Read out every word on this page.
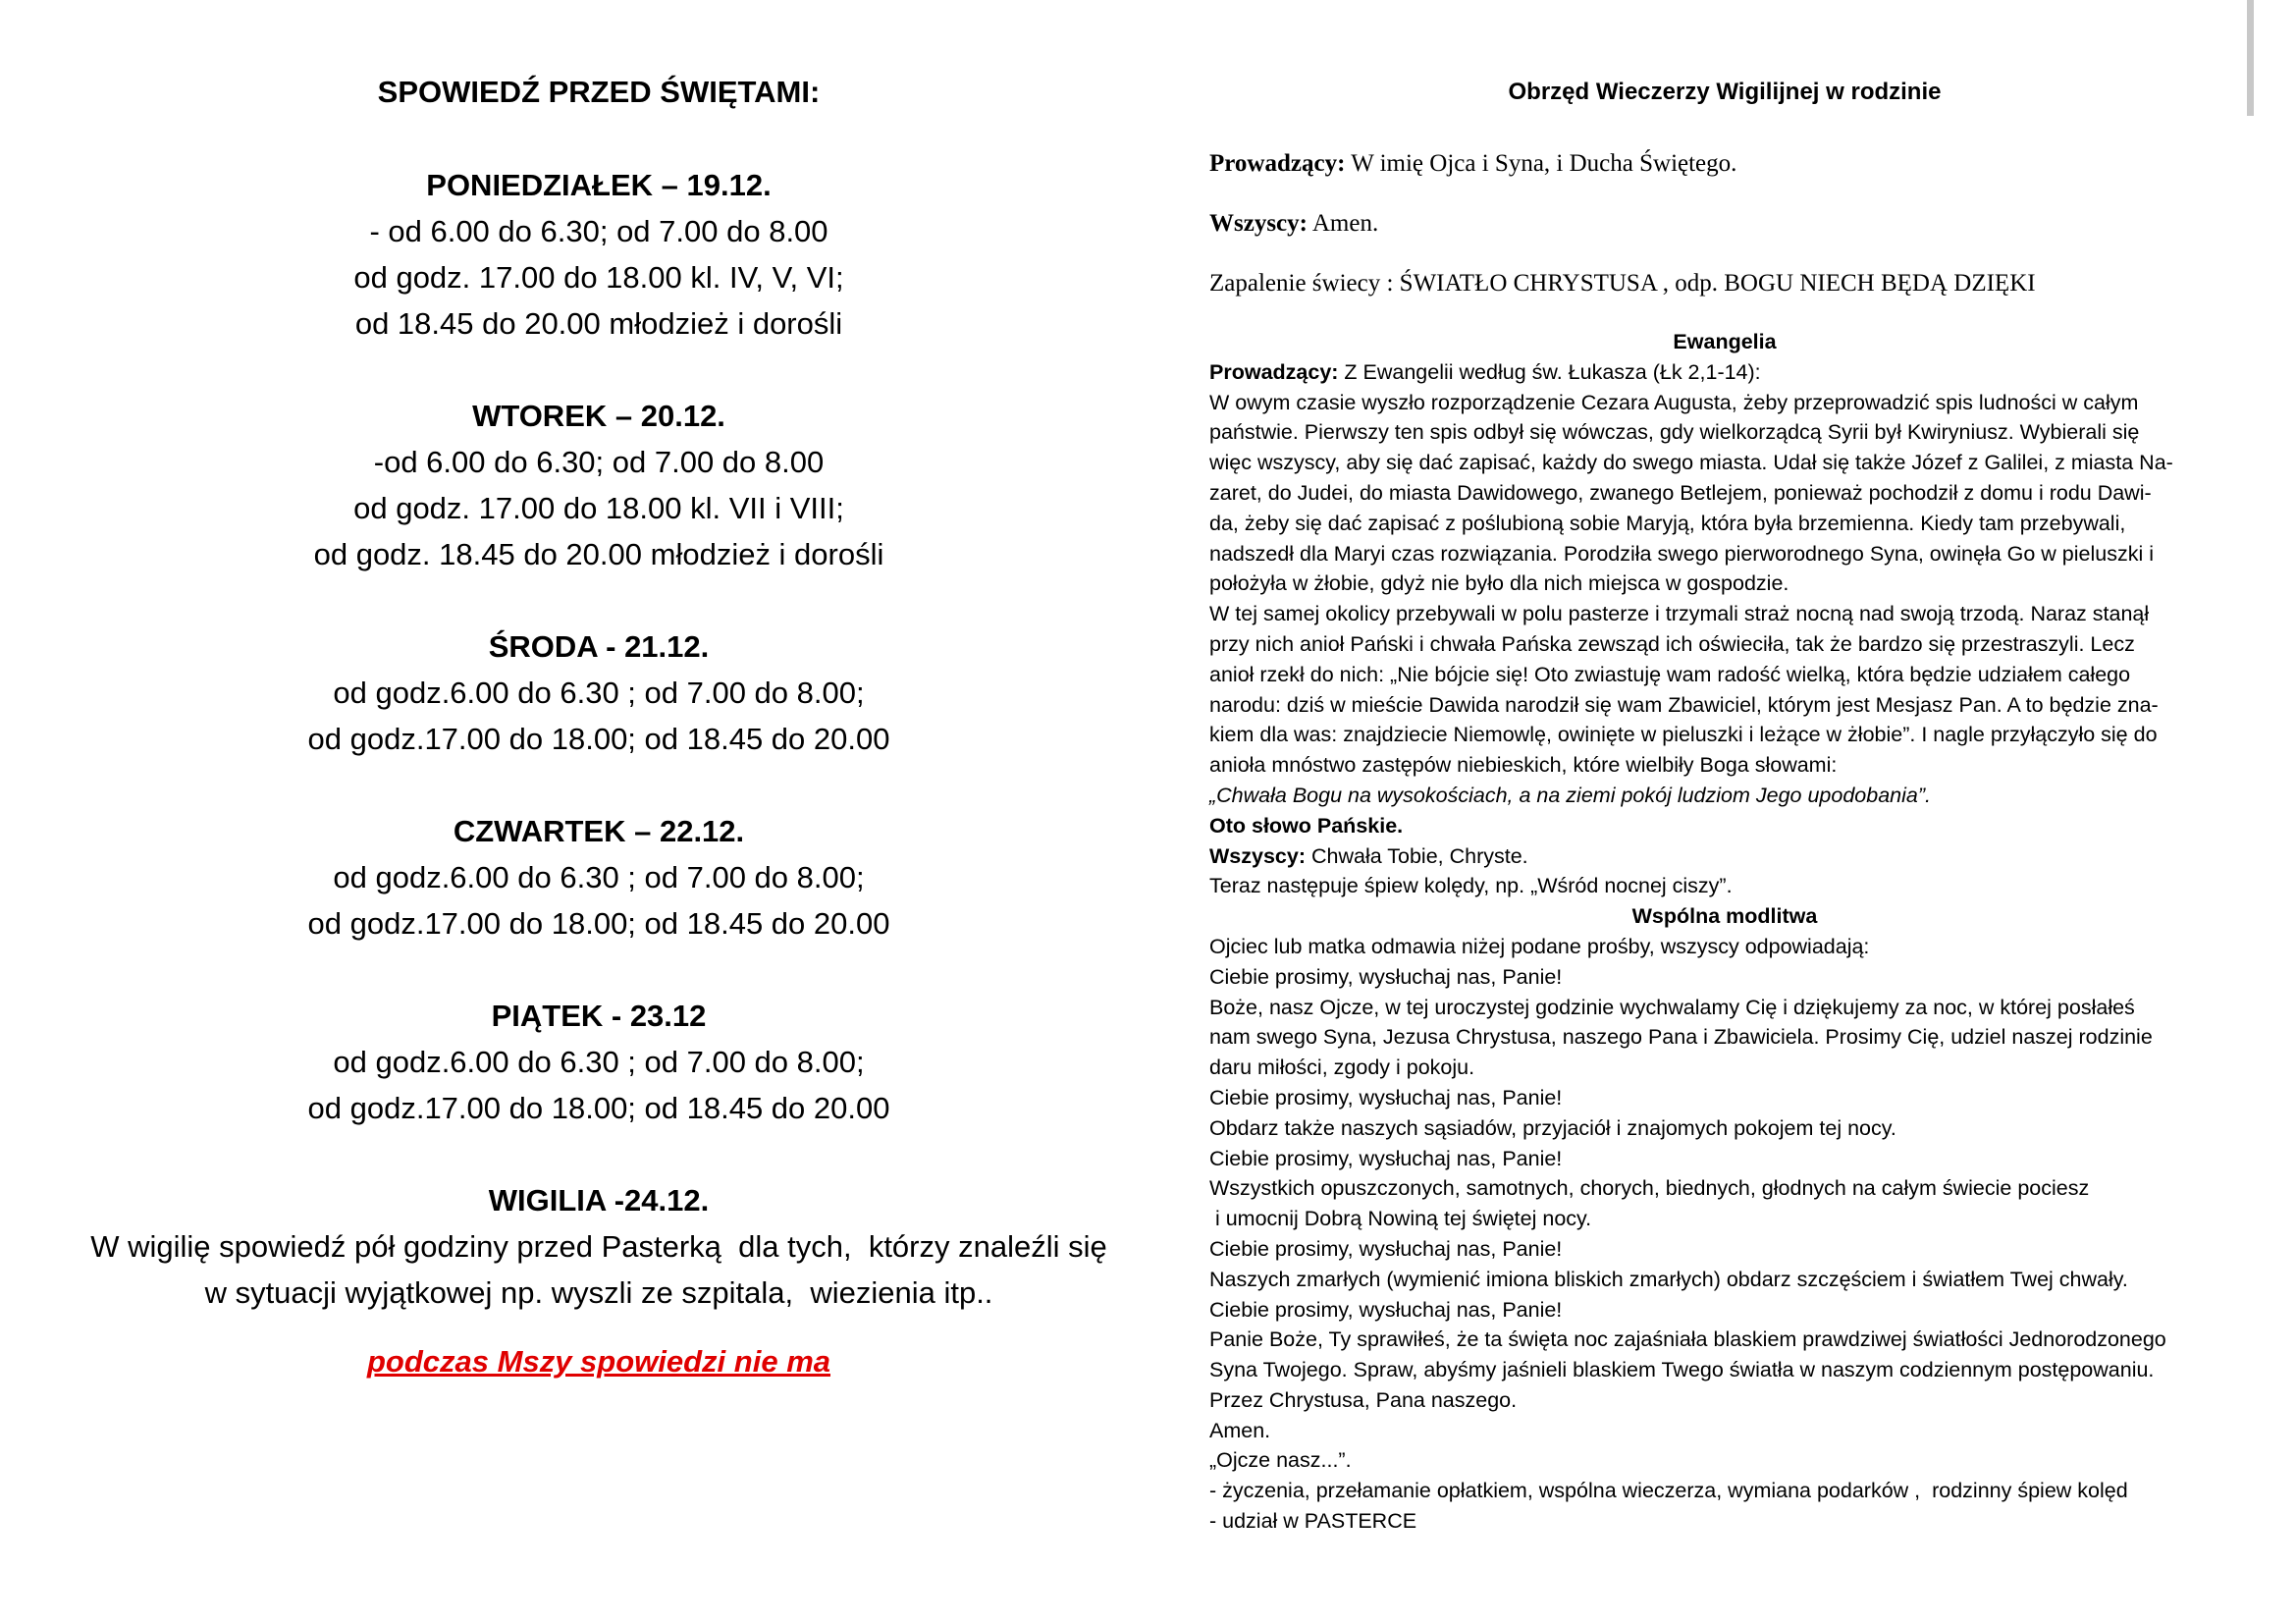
SPOWIEDŹ PRZED ŚWIĘTAMI:
PONIEDZIAŁEK – 19.12.
- od 6.00 do 6.30; od 7.00 do 8.00
od godz. 17.00 do 18.00 kl. IV, V, VI;
od 18.45 do 20.00 młodzież i dorośli
WTOREK – 20.12.
-od 6.00 do 6.30; od 7.00 do 8.00
od godz. 17.00 do 18.00 kl. VII i VIII;
od godz. 18.45 do 20.00 młodzież i dorośli
ŚRODA - 21.12.
od godz.6.00 do 6.30 ; od 7.00 do 8.00;
od godz.17.00 do 18.00; od 18.45 do 20.00
CZWARTEK – 22.12.
od godz.6.00 do 6.30 ; od 7.00 do 8.00;
od godz.17.00 do 18.00; od 18.45 do 20.00
PIĄTEK - 23.12
od godz.6.00 do 6.30 ; od 7.00 do 8.00;
od godz.17.00 do 18.00; od 18.45 do 20.00
WIGILIA -24.12.
W wigilię spowiedź pół godziny przed Pasterką  dla tych,  którzy znaleźli się
w sytuacji wyjątkowej np. wyszli ze szpitala,  wiezienia itp..
podczas Mszy spowiedzi nie ma
Obrzęd Wieczerzy Wigilijnej w rodzinie

Prowadzący: W imię Ojca i Syna, i Ducha Świętego.

Wszyscy: Amen.

Zapalenie świecy : ŚWIATŁO CHRYSTUSA , odp. BOGU NIECH BĘDĄ DZIĘKI

Ewangelia
Prowadzący: Z Ewangelii według św. Łukasza (Łk 2,1-14):
W owym czasie wyszło rozporządzenie Cezara Augusta, żeby przeprowadzić spis ludności w całym
państwie. Pierwszy ten spis odbył się wówczas, gdy wielkorządcą Syrii był Kwiryniusz. Wybierali się
więc wszyscy, aby się dać zapisać, każdy do swego miasta. Udał się także Józef z Galilei, z miasta Na-
zaret, do Judei, do miasta Dawidowego, zwanego Betlejem, ponieważ pochodził z domu i rodu Dawi-
da, żeby się dać zapisać z poślubioną sobie Maryją, która była brzemienna. Kiedy tam przebywali,
nadszedł dla Maryi czas rozwiązania. Porodziła swego pierworodnego Syna, owinęła Go w pieluszki i
położyła w żłobie, gdyż nie było dla nich miejsca w gospodzie.
W tej samej okolicy przebywali w polu pasterze i trzymali straż nocną nad swoją trzodą. Naraz stanął
przy nich anioł Pański i chwała Pańska zewsząd ich oświeciła, tak że bardzo się przestraszyli. Lecz
anioł rzekł do nich: „Nie bójcie się! Oto zwiastuję wam radość wielką, która będzie udziałem całego
narodu: dziś w mieście Dawida narodził się wam Zbawiciel, którym jest Mesjasz Pan. A to będzie zna-
kiem dla was: znajdziecie Niemowlę, owinięte w pieluszki i leżące w żłobie”. I nagle przyłączyło się do
anioła mnóstwo zastępów niebieskich, które wielbiły Boga słowami:
„Chwała Bogu na wysokościach, a na ziemi pokój ludziom Jego upodobania”.
Oto słowo Pańskie.
Wszyscy: Chwała Tobie, Chryste.
Teraz następuje śpiew kolędy, np. „Wśród nocnej ciszy”.
Wspólna modlitwa
Ojciec lub matka odmawia niżej podane prośby, wszyscy odpowiadają:
Ciebie prosimy, wysłuchaj nas, Panie!
Boże, nasz Ojcze, w tej uroczystej godzinie wychwalamy Cię i dziękujemy za noc, w której posłałeś
nam swego Syna, Jezusa Chrystusa, naszego Pana i Zbawiciela. Prosimy Cię, udziel naszej rodzinie
daru miłości, zgody i pokoju.
Ciebie prosimy, wysłuchaj nas, Panie!
Obdarz także naszych sąsiadów, przyjaciół i znajomych pokojem tej nocy.
Ciebie prosimy, wysłuchaj nas, Panie!
Wszystkich opuszczonych, samotnych, chorych, biednych, głodnych na całym świecie pociesz
i umocnij Dobrą Nowiną tej świętej nocy.
Ciebie prosimy, wysłuchaj nas, Panie!
Naszych zmarłych (wymienić imiona bliskich zmarłych) obdarz szczęściem i światłem Twej chwały.
Ciebie prosimy, wysłuchaj nas, Panie!
Panie Boże, Ty sprawiłeś, że ta święta noc zajaśniała blaskiem prawdziwej światłości Jednorodzonego
Syna Twojego. Spraw, abyśmy jaśnieli blaskiem Twego światła w naszym codziennym postępowaniu.
Przez Chrystusa, Pana naszego.
Amen.
„Ojcze nasz...”.
- życzenia, przełamanie opłatkiem, wspólna wieczerza, wymiana podarków ,  rodzinny śpiew kolęd
- udział w PASTERCE
